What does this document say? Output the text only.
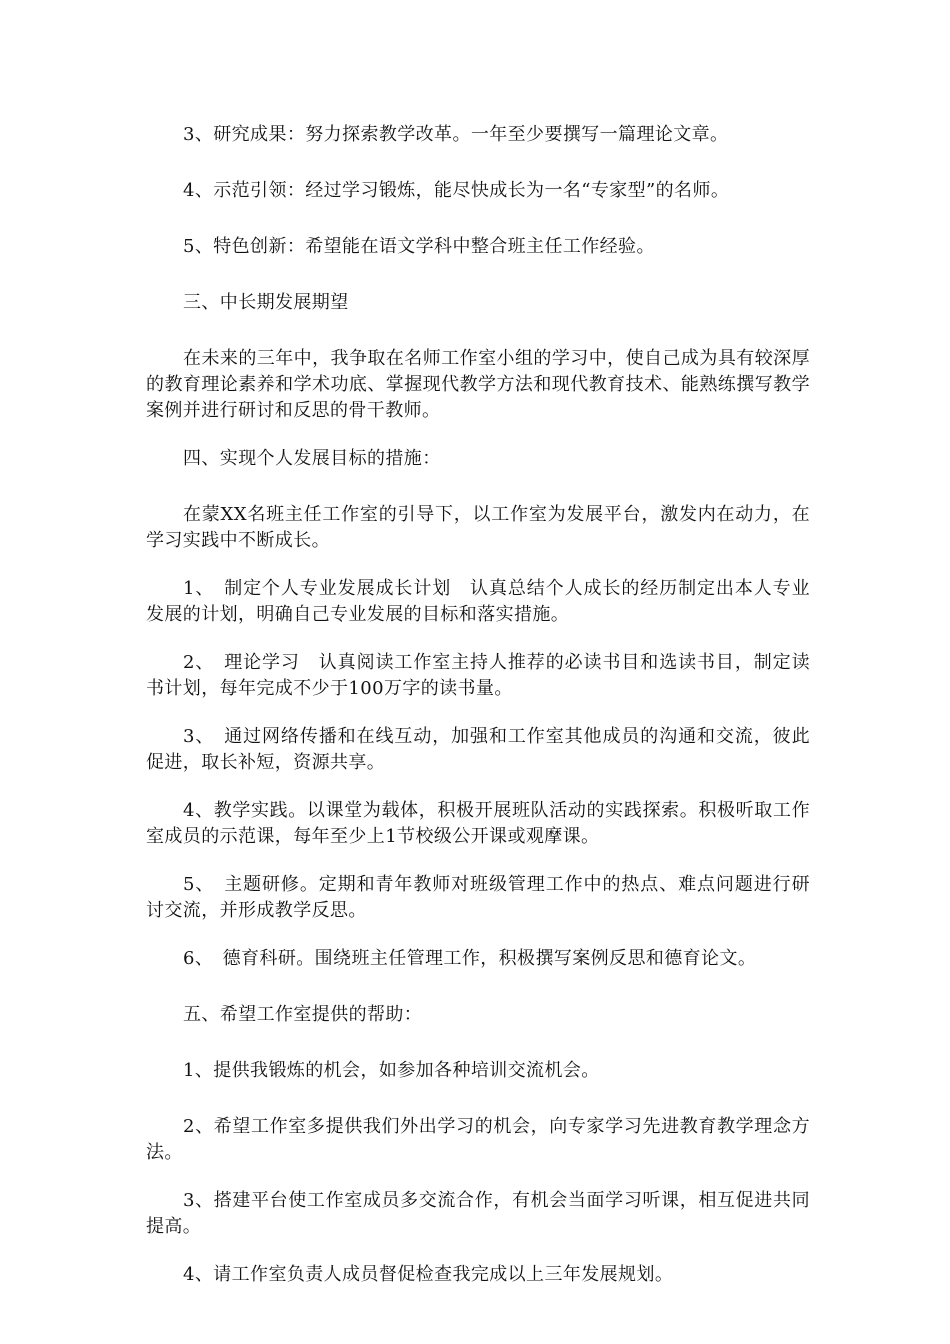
3、研究成果：努力探索教学改革。一年至少要撰写一篇理论文章。

4、示范引领：经过学习锻炼，能尽快成长为一名“专家型”的名师。

5、特色创新：希望能在语文学科中整合班主任工作经验。

三、中长期发展期望

在未来的三年中，我争取在名师工作室小组的学习中，使自己成为具有较深厚的教育理论素养和学术功底、掌握现代教学方法和现代教育技术、能熟练撰写教学案例并进行研讨和反思的骨干教师。

四、实现个人发展目标的措施：

在蒙XX名班主任工作室的引导下，以工作室为发展平台，激发内在动力，在学习实践中不断成长。

1、　制定个人专业发展成长计划　认真总结个人成长的经历制定出本人专业发展的计划，明确自己专业发展的目标和落实措施。

2、　理论学习　认真阅读工作室主持人推荐的必读书目和选读书目，制定读书计划，每年完成不少于100万字的读书量。

3、　通过网络传播和在线互动，加强和工作室其他成员的沟通和交流，彼此促进，取长补短，资源共享。

4、教学实践。以课堂为载体，积极开展班队活动的实践探索。积极听取工作室成员的示范课，每年至少上1节校级公开课或观摩课。

5、　主题研修。定期和青年教师对班级管理工作中的热点、难点问题进行研讨交流，并形成教学反思。

6、　德育科研。围绕班主任管理工作，积极撰写案例反思和德育论文。

五、希望工作室提供的帮助：

1、提供我锻炼的机会，如参加各种培训交流机会。

2、希望工作室多提供我们外出学习的机会，向专家学习先进教育教学理念方法。

3、搭建平台使工作室成员多交流合作，有机会当面学习听课，相互促进共同提高。

4、请工作室负责人成员督促检查我完成以上三年发展规划。
